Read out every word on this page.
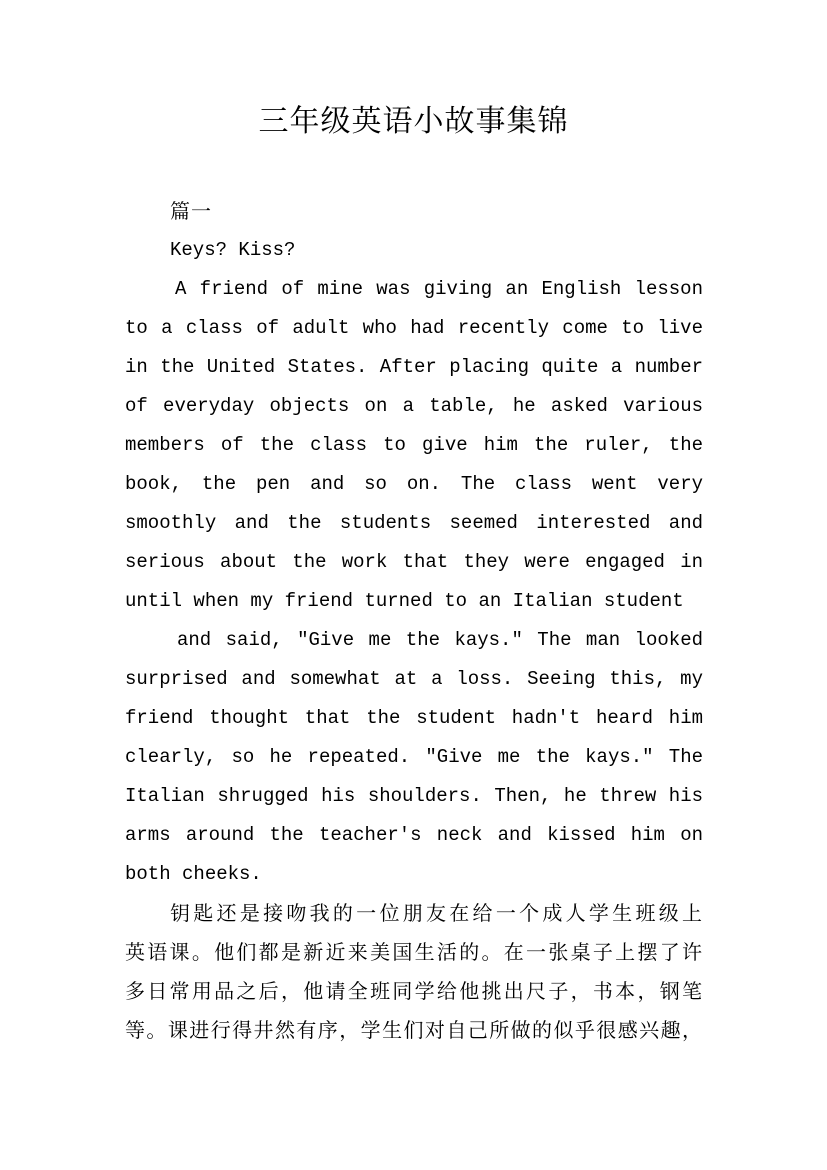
三年级英语小故事集锦
篇一
Keys? Kiss?
A friend of mine was giving an English lesson
to a class of adult who had recently come to live
in the United States. After placing quite a number
of everyday objects on a table, he asked various
members of the class to give him the ruler, the
book, the pen and so on. The class went very
smoothly and the students seemed interested and
serious about the work that they were engaged in
until when my friend turned to an Italian student
and said, "Give me the kays." The man looked
surprised and somewhat at a loss. Seeing this, my
friend thought that the student hadn't heard him
clearly, so he repeated. "Give me the kays." The
Italian shrugged his shoulders. Then, he threw his
arms around the teacher's neck and kissed him on
both cheeks.
钥匙还是接吻我的一位朋友在给一个成人学生班级上
英语课。他们都是新近来美国生活的。在一张桌子上摆了许
多日常用品之后，他请全班同学给他挑出尺子，书本，钢笔
等。课进行得井然有序，学生们对自己所做的似乎很感兴趣，
